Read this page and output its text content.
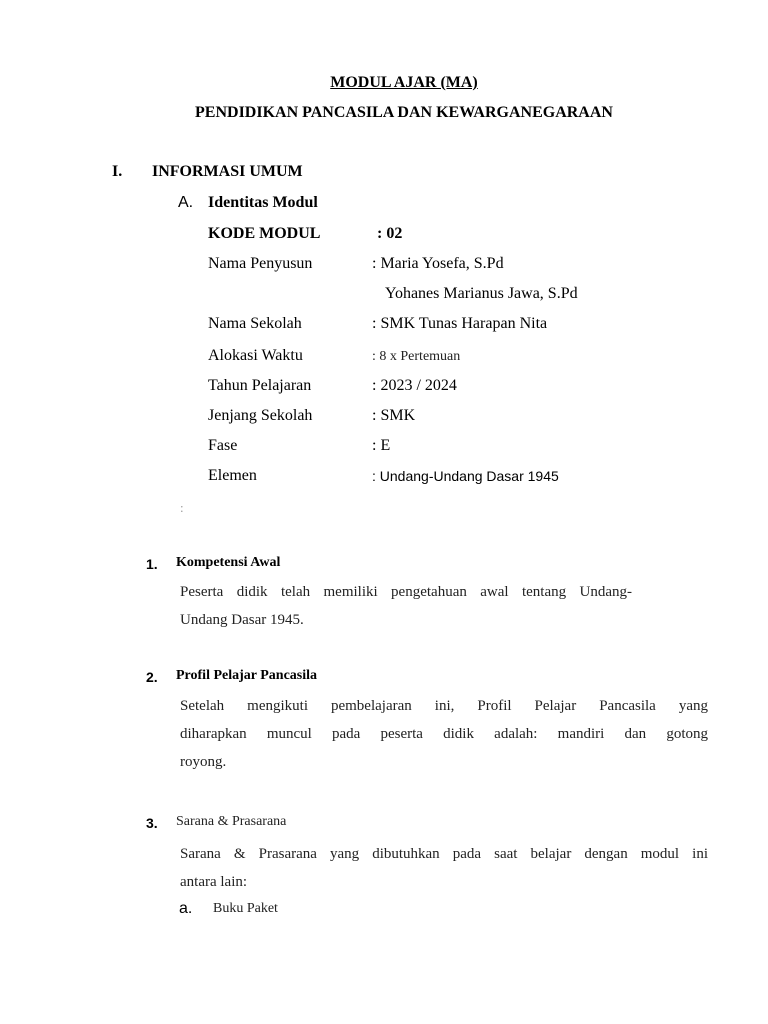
MODUL AJAR (MA)
PENDIDIKAN PANCASILA DAN KEWARGANEGARAAN
I. INFORMASI UMUM
A. Identitas Modul
KODE MODUL	: 02
Nama Penyusun	: Maria Yosefa, S.Pd
Yohanes Marianus Jawa, S.Pd
Nama Sekolah	: SMK Tunas Harapan Nita
Alokasi Waktu	: 8 x Pertemuan
Tahun Pelajaran	: 2023 / 2024
Jenjang Sekolah	: SMK
Fase	: E
Elemen	: Undang-Undang Dasar 1945
:
1. Kompetensi Awal
Peserta didik telah memiliki pengetahuan awal tentang Undang-
Undang Dasar 1945.
2. Profil Pelajar Pancasila
Setelah mengikuti pembelajaran ini, Profil Pelajar Pancasila yang
diharapkan muncul pada peserta didik adalah: mandiri dan gotong
royong.
3. Sarana & Prasarana
Sarana & Prasarana yang dibutuhkan pada saat belajar dengan modul ini
antara lain:
a. Buku Paket
